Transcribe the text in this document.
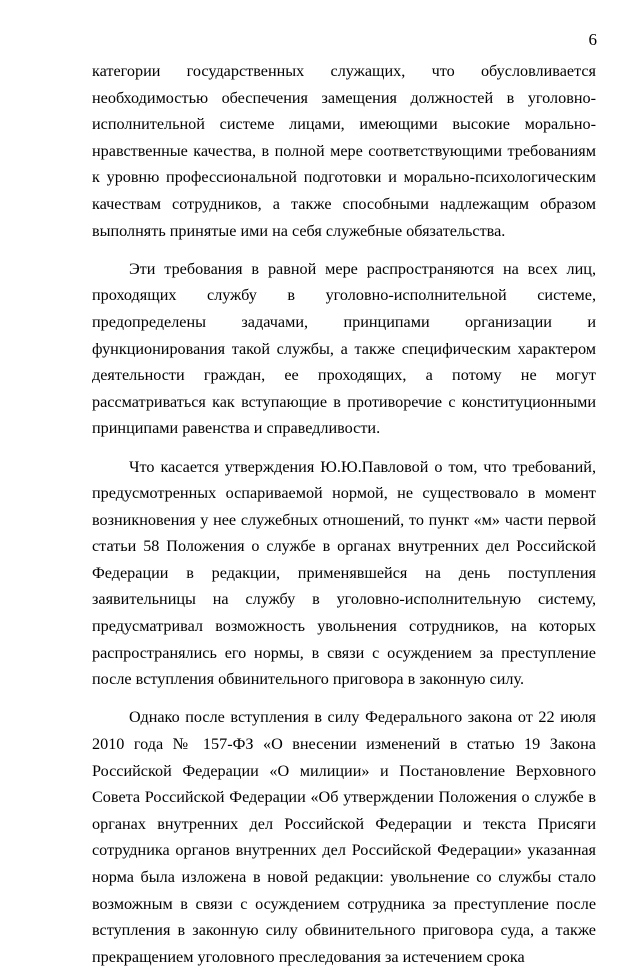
6

категории государственных служащих, что обусловливается необходимостью обеспечения замещения должностей в уголовно-исполнительной системе лицами, имеющими высокие морально-нравственные качества, в полной мере соответствующими требованиям к уровню профессиональной подготовки и морально-психологическим качествам сотрудников, а также способными надлежащим образом выполнять принятые ими на себя служебные обязательства.

Эти требования в равной мере распространяются на всех лиц, проходящих службу в уголовно-исполнительной системе, предопределены задачами, принципами организации и функционирования такой службы, а также специфическим характером деятельности граждан, ее проходящих, а потому не могут рассматриваться как вступающие в противоречие с конституционными принципами равенства и справедливости.

Что касается утверждения Ю.Ю.Павловой о том, что требований, предусмотренных оспариваемой нормой, не существовало в момент возникновения у нее служебных отношений, то пункт «м» части первой статьи 58 Положения о службе в органах внутренних дел Российской Федерации в редакции, применявшейся на день поступления заявительницы на службу в уголовно-исполнительную систему, предусматривал возможность увольнения сотрудников, на которых распространялись его нормы, в связи с осуждением за преступление после вступления обвинительного приговора в законную силу.

Однако после вступления в силу Федерального закона от 22 июля 2010 года № 157-ФЗ «О внесении изменений в статью 19 Закона Российской Федерации «О милиции» и Постановление Верховного Совета Российской Федерации «Об утверждении Положения о службе в органах внутренних дел Российской Федерации и текста Присяги сотрудника органов внутренних дел Российской Федерации» указанная норма была изложена в новой редакции: увольнение со службы стало возможным в связи с осуждением сотрудника за преступление после вступления в законную силу обвинительного приговора суда, а также прекращением уголовного преследования за истечением срока
